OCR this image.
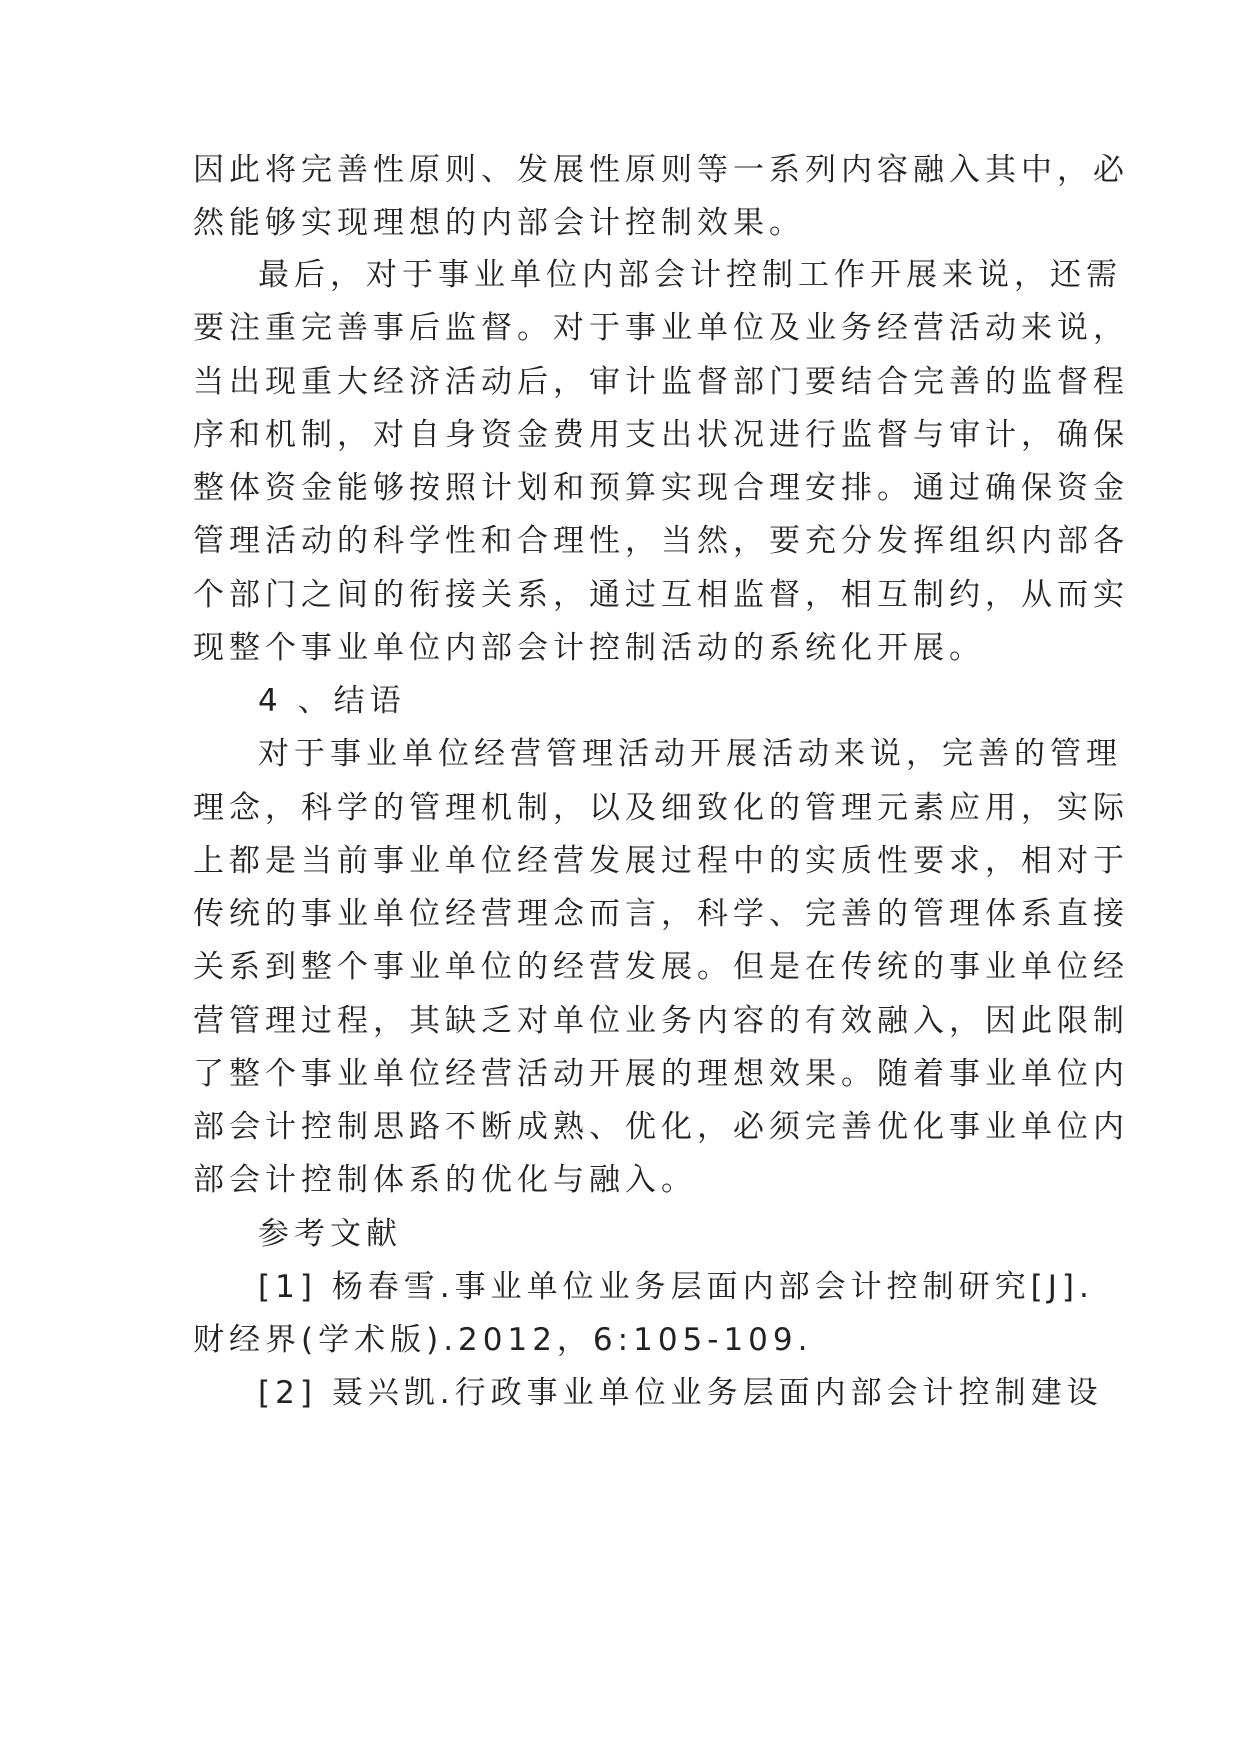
因此将完善性原则、发展性原则等一系列内容融入其中，必
然能够实现理想的内部会计控制效果。
最后，对于事业单位内部会计控制工作开展来说，还需
要注重完善事后监督。对于事业单位及业务经营活动来说，
当出现重大经济活动后，审计监督部门要结合完善的监督程
序和机制，对自身资金费用支出状况进行监督与审计，确保
整体资金能够按照计划和预算实现合理安排。通过确保资金
管理活动的科学性和合理性，当然，要充分发挥组织内部各
个部门之间的衔接关系，通过互相监督，相互制约，从而实
现整个事业单位内部会计控制活动的系统化开展。
4 、结语
对于事业单位经营管理活动开展活动来说，完善的管理
理念，科学的管理机制，以及细致化的管理元素应用，实际
上都是当前事业单位经营发展过程中的实质性要求，相对于
传统的事业单位经营理念而言，科学、完善的管理体系直接
关系到整个事业单位的经营发展。但是在传统的事业单位经
营管理过程，其缺乏对单位业务内容的有效融入，因此限制
了整个事业单位经营活动开展的理想效果。随着事业单位内
部会计控制思路不断成熟、优化，必须完善优化事业单位内
部会计控制体系的优化与融入。
参考文献
[1] 杨春雪.事业单位业务层面内部会计控制研究[J].
财经界(学术版).2012，6:105-109.
[2] 聂兴凯.行政事业单位业务层面内部会计控制建设
